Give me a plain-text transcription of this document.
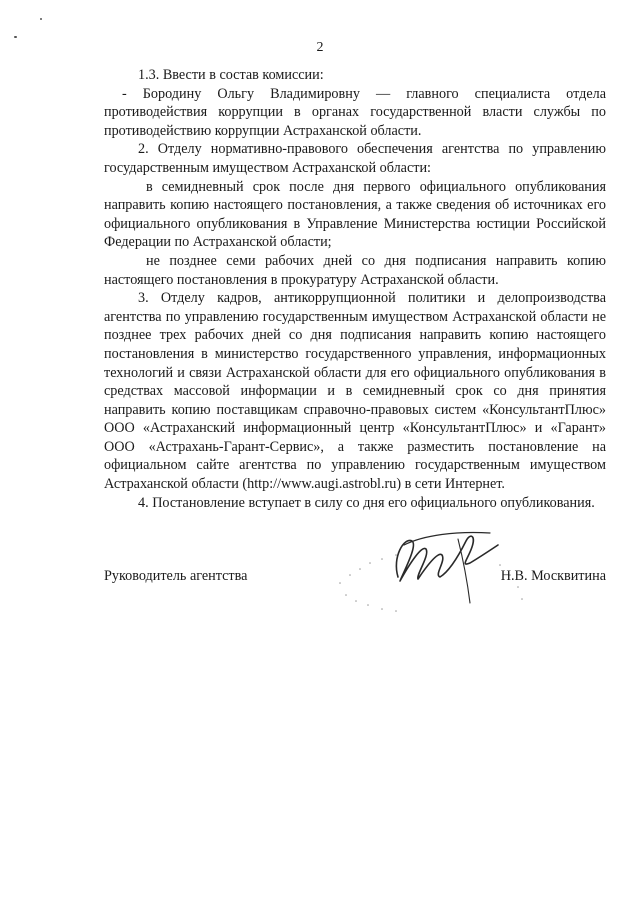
2

1.3. Ввести в состав комиссии:

- Бородину Ольгу Владимировну — главного специалиста отдела противодействия коррупции в органах государственной власти службы по противодействию коррупции Астраханской области.

2. Отделу нормативно-правового обеспечения агентства по управлению государственным имуществом Астраханской области:

в семидневный срок после дня первого официального опубликования направить копию настоящего постановления, а также сведения об источниках его официального опубликования в Управление Министерства юстиции Российской Федерации по Астраханской области;

не позднее семи рабочих дней со дня подписания направить копию настоящего постановления в прокуратуру Астраханской области.

3. Отделу кадров, антикоррупционной политики и делопроизводства агентства по управлению государственным имуществом Астраханской области не позднее трех рабочих дней со дня подписания направить копию настоящего постановления в министерство государственного управления, информационных технологий и связи Астраханской области для его официального опубликования в средствах массовой информации и в семидневный срок со дня принятия направить копию поставщикам справочно-правовых систем «КонсультантПлюс» ООО «Астраханский информационный центр «КонсультантПлюс» и «Гарант» ООО «Астрахань-Гарант-Сервис», а также разместить постановление на официальном сайте агентства по управлению государственным имуществом Астраханской области (http://www.augi.astrobl.ru) в сети Интернет.

4. Постановление вступает в силу со дня его официального опубликования.

Руководитель агентства	Н.В. Москвитина
